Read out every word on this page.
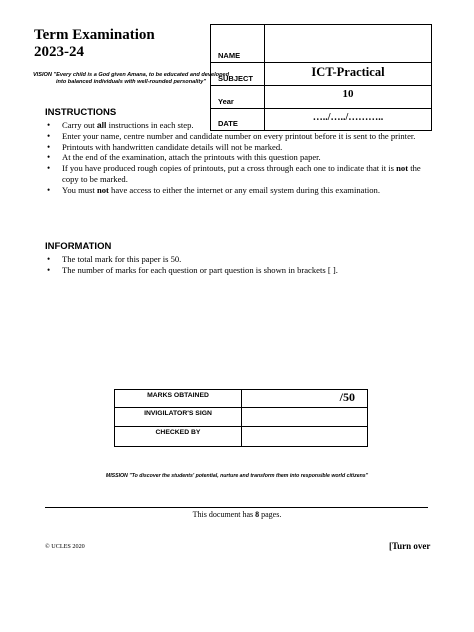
Term Examination
2023-24
VISION "Every child is a God given Amana, to be educated and developed into balanced individuals with well-rounded personality"
NAME	
SUBJECT	ICT-Practical
Year	10
DATE	…../…../………..
INSTRUCTIONS
• Carry out all instructions in each step.
• Enter your name, centre number and candidate number on every printout before it is sent to the printer.
• Printouts with handwritten candidate details will not be marked.
• At the end of the examination, attach the printouts with this question paper.
• If you have produced rough copies of printouts, put a cross through each one to indicate that it is not the copy to be marked.
• You must not have access to either the internet or any email system during this examination.
INFORMATION
• The total mark for this paper is 50.
• The number of marks for each question or part question is shown in brackets [ ].
MARKS OBTAINED	/50
INVIGILATOR'S SIGN	
CHECKED BY	
MISSION "To discover the students' potential, nurture and transform them into responsible world citizens"
This document has 8 pages.
© UCLES 2020	[Turn over
